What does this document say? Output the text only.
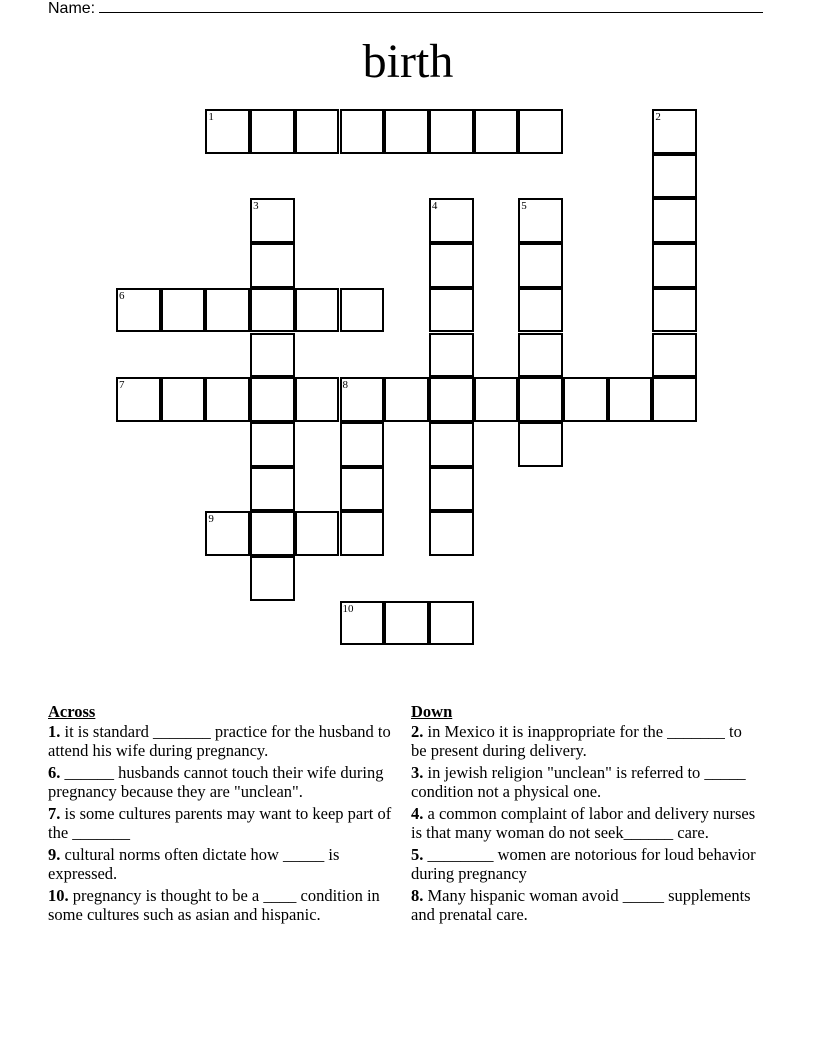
Name:
birth
1	2
3	4	5
6
7	8
9
10
Across
1. it is standard _______ practice for the husband to attend his wife during pregnancy.
6. ______ husbands cannot touch their wife during pregnancy because they are "unclean".
7. is some cultures parents may want to keep part of the _______
9. cultural norms often dictate how _____ is expressed.
10. pregnancy is thought to be a ____ condition in some cultures such as asian and hispanic.
Down
2. in Mexico it is inappropriate for the _______ to be present during delivery.
3. in jewish religion "unclean" is referred to _____ condition not a physical one.
4. a common complaint of labor and delivery nurses is that many woman do not seek______ care.
5. ________ women are notorious for loud behavior during pregnancy
8. Many hispanic woman avoid _____ supplements and prenatal care.
